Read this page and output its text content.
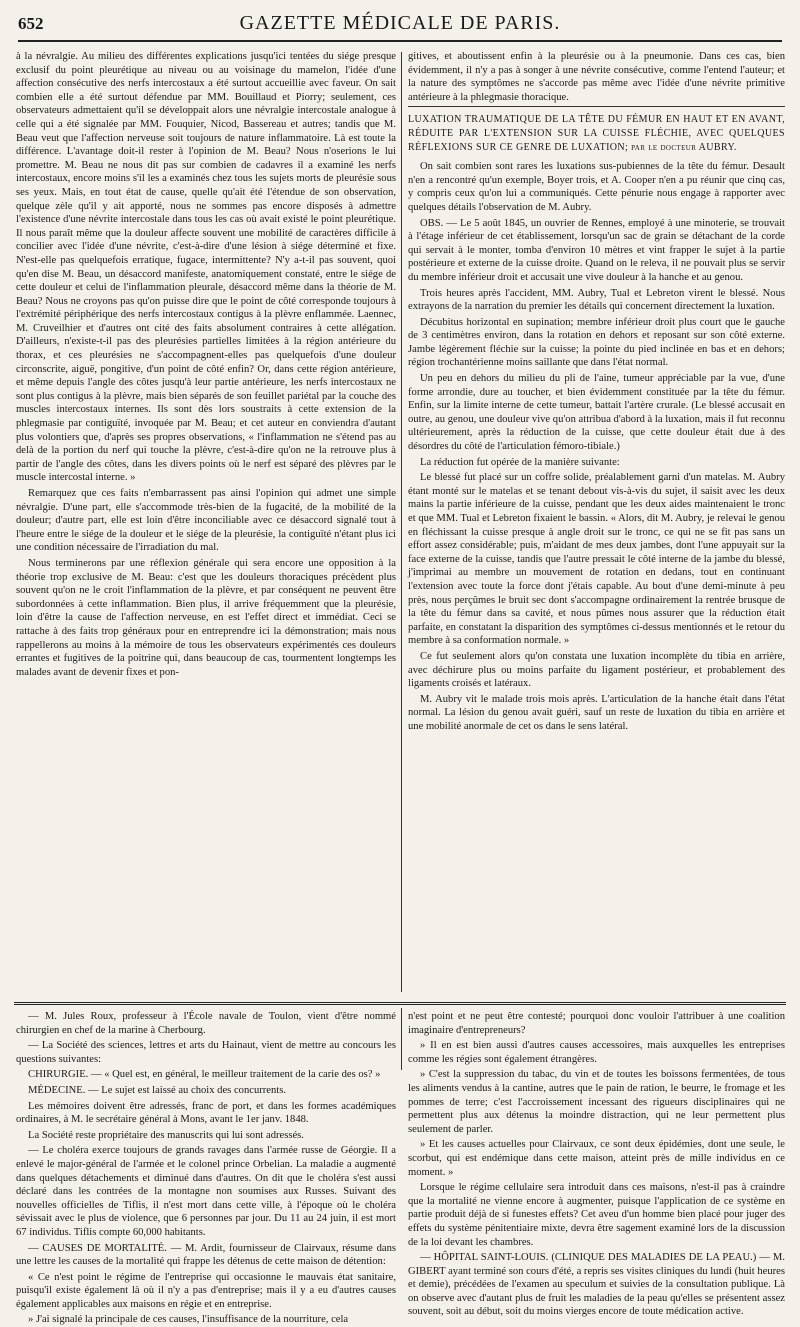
652	GAZETTE MÉDICALE DE PARIS.

à la névralgie. Au milieu des différentes explications jusqu'ici tentées du siége presque exclusif du point pleurétique au niveau ou au voisinage du mamelon, l'idée d'une affection consécutive des nerfs intercostaux a été surtout accueillie avec faveur. On sait combien elle a été surtout défendue par MM. Bouillaud et Piorry; seulement, ces observateurs admettaient qu'il se développait alors une névralgie intercostale analogue à celle qui a été signalée par MM. Fouquier, Nicod, Bassereau et autres; tandis que M. Beau veut que l'affection nerveuse soit toujours de nature inflammatoire. Là est toute la différence. L'avantage doit-il rester à l'opinion de M. Beau? Nous n'oserions le lui promettre. M. Beau ne nous dit pas sur combien de cadavres il a examiné les nerfs intercostaux, encore moins s'il les a examinés chez tous les sujets morts de pleurésie sous ses yeux. Mais, en tout état de cause, quelle qu'ait été l'étendue de son observation, quelque zèle qu'il y ait apporté, nous ne sommes pas encore disposés à admettre l'existence d'une névrite intercostale dans tous les cas où avait existé le point pleurétique. Il nous paraît même que la douleur affecte souvent une mobilité de caractères difficile à concilier avec l'idée d'une névrite, c'est-à-dire d'une lésion à siége déterminé et fixe. N'est-elle pas quelquefois erratique, fugace, intermittente? N'y a-t-il pas souvent, quoi qu'en dise M. Beau, un désaccord manifeste, anatomiquement constaté, entre le siége de cette douleur et celui de l'inflammation pleurale, désaccord même dans la théorie de M. Beau? Nous ne croyons pas qu'on puisse dire que le point de côté corresponde toujours à l'extrémité périphérique des nerfs intercostaux contigus à la plèvre enflammée. Laennec, M. Cruveilhier et d'autres ont cité des faits absolument contraires à cette allégation. D'ailleurs, n'existe-t-il pas des pleurésies partielles limitées à la région antérieure du thorax, et ces pleurésies ne s'accompagnent-elles pas quelquefois d'une douleur circonscrite, aiguë, pongitive, d'un point de côté enfin? Or, dans cette région antérieure, et même depuis l'angle des côtes jusqu'à leur partie antérieure, les nerfs intercostaux ne sont plus contigus à la plèvre, mais bien séparés de son feuillet pariétal par la couche des muscles intercostaux internes. Ils sont dès lors soustraits à cette extension de la phlegmasie par contiguïté, invoquée par M. Beau; et cet auteur en conviendra d'autant plus volontiers que, d'après ses propres observations, « l'inflammation ne s'étend pas au delà de la portion du nerf qui touche la plèvre, c'est-à-dire qu'on ne la retrouve plus à partir de l'angle des côtes, dans les divers points où le nerf est séparé des plèvres par le muscle intercostal interne. »

Remarquez que ces faits n'embarrassent pas ainsi l'opinion qui admet une simple névralgie. D'une part, elle s'accommode très-bien de la fugacité, de la mobilité de la douleur; d'autre part, elle est loin d'être inconciliable avec ce désaccord signalé tout à l'heure entre le siége de la douleur et le siége de la pleurésie, la contiguïté n'étant plus ici une condition nécessaire de l'irradiation du mal.

Nous terminerons par une réflexion générale qui sera encore une opposition à la théorie trop exclusive de M. Beau: c'est que les douleurs thoraciques précèdent plus souvent qu'on ne le croit l'inflammation de la plèvre, et par conséquent ne peuvent être subordonnées à cette inflammation. Bien plus, il arrive fréquemment que la pleurésie, loin d'être la cause de l'affection nerveuse, en est l'effet direct et immédiat. Ceci se rattache à des faits trop généraux pour en entreprendre ici la démonstration; mais nous rappellerons au moins à la mémoire de tous les observateurs expérimentés ces douleurs errantes et fugitives de la poitrine qui, dans beaucoup de cas, tourmentent longtemps les malades avant de devenir fixes et pon-

gitives, et aboutissent enfin à la pleurésie ou à la pneumonie. Dans ces cas, bien évidemment, il n'y a pas à songer à une névrite consécutive, comme l'entend l'auteur; et la nature des symptômes ne s'accorde pas même avec l'idée d'une névrite primitive antérieure à la phlegmasie thoracique.

LUXATION TRAUMATIQUE DE LA TÊTE DU FÉMUR EN HAUT ET EN AVANT, RÉDUITE PAR L'EXTENSION SUR LA CUISSE FLÉCHIE, AVEC QUELQUES RÉFLEXIONS SUR CE GENRE DE LUXATION; par le docteur AUBRY.

On sait combien sont rares les luxations sus-pubiennes de la tête du fémur. Desault n'en a rencontré qu'un exemple, Boyer trois, et A. Cooper n'en a pu réunir que cinq cas, y compris ceux qu'on lui a communiqués. Cette pénurie nous engage à rapporter avec quelques détails l'observation de M. Aubry.

OBS. — Le 5 août 1845, un ouvrier de Rennes, employé à une minoterie, se trouvait à l'étage inférieur de cet établissement, lorsqu'un sac de grain se détachant de la corde qui servait à le monter, tomba d'environ 10 mètres et vint frapper le sujet à la partie postérieure et externe de la cuisse droite. Quand on le releva, il ne pouvait plus se servir du membre inférieur droit et accusait une vive douleur à la hanche et au genou.

Trois heures après l'accident, MM. Aubry, Tual et Lebreton virent le blessé. Nous extrayons de la narration du premier les détails qui concernent directement la luxation.

Décubitus horizontal en supination; membre inférieur droit plus court que le gauche de 3 centimètres environ, dans la rotation en dehors et reposant sur son côté externe. Jambe légèrement fléchie sur la cuisse; la pointe du pied inclinée en bas et en dehors; région trochantérienne moins saillante que dans l'état normal.

Un peu en dehors du milieu du pli de l'aine, tumeur appréciable par la vue, d'une forme arrondie, dure au toucher, et bien évidemment constituée par la tête du fémur. Enfin, sur la limite interne de cette tumeur, battait l'artère crurale. (Le blessé accusait en outre, au genou, une douleur vive qu'on attribua d'abord à la luxation, mais il fut reconnu ultérieurement, après la réduction de la cuisse, que cette douleur était due à des désordres du côté de l'articulation fémoro-tibiale.)

La réduction fut opérée de la manière suivante:

Le blessé fut placé sur un coffre solide, préalablement garni d'un matelas. M. Aubry étant monté sur le matelas et se tenant debout vis-à-vis du sujet, il saisit avec les deux mains la partie inférieure de la cuisse, pendant que les deux aides maintenaient le tronc et que MM. Tual et Lebreton fixaient le bassin. « Alors, dit M. Aubry, je relevai le genou en fléchissant la cuisse presque à angle droit sur le tronc, ce qui ne se fit pas sans un effort assez considérable; puis, m'aidant de mes deux jambes, dont l'une appuyait sur la face externe de la cuisse, tandis que l'autre pressait le côté interne de la jambe du blessé, j'imprimai au membre un mouvement de rotation en dedans, tout en continuant l'extension avec toute la force dont j'étais capable. Au bout d'une demi-minute à peu près, nous perçûmes le bruit sec dont s'accompagne ordinairement la rentrée brusque de la tête du fémur dans sa cavité, et nous pûmes nous assurer que la réduction était parfaite, en constatant la disparition des symptômes ci-dessus mentionnés et le retour du membre à sa conformation normale. »

Ce fut seulement alors qu'on constata une luxation incomplète du tibia en arrière, avec déchirure plus ou moins parfaite du ligament postérieur, et probablement des ligaments croisés et latéraux.

M. Aubry vit le malade trois mois après. L'articulation de la hanche était dans l'état normal. La lésion du genou avait guéri, sauf un reste de luxation du tibia en arrière et une mobilité anormale de cet os dans le sens latéral.

— M. Jules Roux, professeur à l'École navale de Toulon, vient d'être nommé chirurgien en chef de la marine à Cherbourg.

— La Société des sciences, lettres et arts du Hainaut, vient de mettre au concours les questions suivantes:

CHIRURGIE. — « Quel est, en général, le meilleur traitement de la carie des os? »

MÉDECINE. — Le sujet est laissé au choix des concurrents.

Les mémoires doivent être adressés, franc de port, et dans les formes académiques ordinaires, à M. le secrétaire général à Mons, avant le 1er janv. 1848.

La Société reste propriétaire des manuscrits qui lui sont adressés.

— Le choléra exerce toujours de grands ravages dans l'armée russe de Géorgie. Il a enlevé le major-général de l'armée et le colonel prince Orbelian. La maladie a augmenté dans quelques détachements et diminué dans d'autres. On dit que le choléra s'est aussi déclaré dans les contrées de la montagne non soumises aux Russes. Suivant des nouvelles officielles de Tiflis, il n'est mort dans cette ville, à l'époque où le choléra sévissait avec le plus de violence, que 6 personnes par jour. Du 11 au 24 juin, il est mort 67 individus. Tiflis compte 60,000 habitants.

— CAUSES DE MORTALITÉ. — M. Ardit, fournisseur de Clairvaux, résume dans une lettre les causes de la mortalité qui frappe les détenus de cette maison de détention:

« Ce n'est point le régime de l'entreprise qui occasionne le mauvais état sanitaire, puisqu'il existe également là où il n'y a pas d'entreprise; mais il y a eu d'autres causes également applicables aux maisons en régie et en entreprise.

» J'ai signalé la principale de ces causes, l'insuffisance de la nourriture, cela

n'est point et ne peut être contesté; pourquoi donc vouloir l'attribuer à une coalition imaginaire d'entrepreneurs?

» Il en est bien aussi d'autres causes accessoires, mais auxquelles les entreprises comme les régies sont également étrangères.

» C'est la suppression du tabac, du vin et de toutes les boissons fermentées, de tous les aliments vendus à la cantine, autres que le pain de ration, le beurre, le fromage et les pommes de terre; c'est l'accroissement incessant des rigueurs disciplinaires qui ne permettent plus aux détenus la moindre distraction, qui ne leur permettent plus seulement de parler.

» Et les causes actuelles pour Clairvaux, ce sont deux épidémies, dont une seule, le scorbut, qui est endémique dans cette maison, atteint près de mille individus en ce moment. »

Lorsque le régime cellulaire sera introduit dans ces maisons, n'est-il pas à craindre que la mortalité ne vienne encore à augmenter, puisque l'application de ce système en partie produit déjà de si funestes effets? Cet aveu d'un homme bien placé pour juger des effets du système pénitentiaire mixte, devra être sagement examiné lors de la discussion de la loi devant les chambres.

— HÔPITAL SAINT-LOUIS. (CLINIQUE DES MALADIES DE LA PEAU.) — M. GIBERT ayant terminé son cours d'été, a repris ses visites cliniques du lundi (huit heures et demie), précédées de l'examen au speculum et suivies de la consultation publique. Là on observe avec d'autant plus de fruit les maladies de la peau qu'elles se présentent assez souvent, soit au début, soit du moins vierges encore de toute médication active.
